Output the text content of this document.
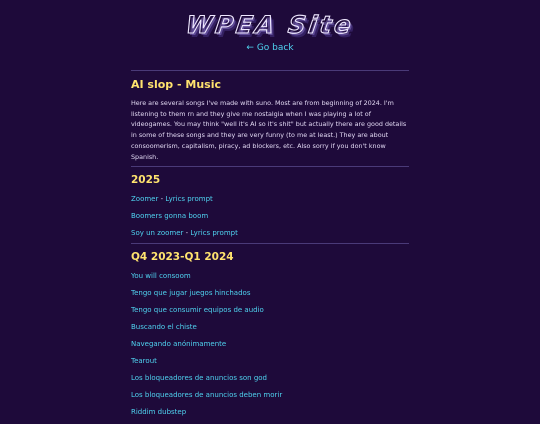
WPEA Site
← Go back
AI slop - Music

Here are several songs I've made with suno. Most are from beginning of 2024. I'm listening to them rn and they give me nostalgia when I was playing a lot of videogames. You may think "well it's AI so it's shit" but actually there are good details in some of these songs and they are very funny (to me at least.) They are about consoomerism, capitalism, piracy, ad blockers, etc. Also sorry if you don't know Spanish.

2025
Zoomer - Lyrics prompt
Boomers gonna boom
Soy un zoomer - Lyrics prompt
Q4 2023-Q1 2024
You will consoom
Tengo que jugar juegos hinchados
Tengo que consumir equipos de audio
Buscando el chiste
Navegando anónimamente
Tearout
Los bloqueadores de anuncios son god
Los bloqueadores de anuncios deben morir
Riddim dubstep
